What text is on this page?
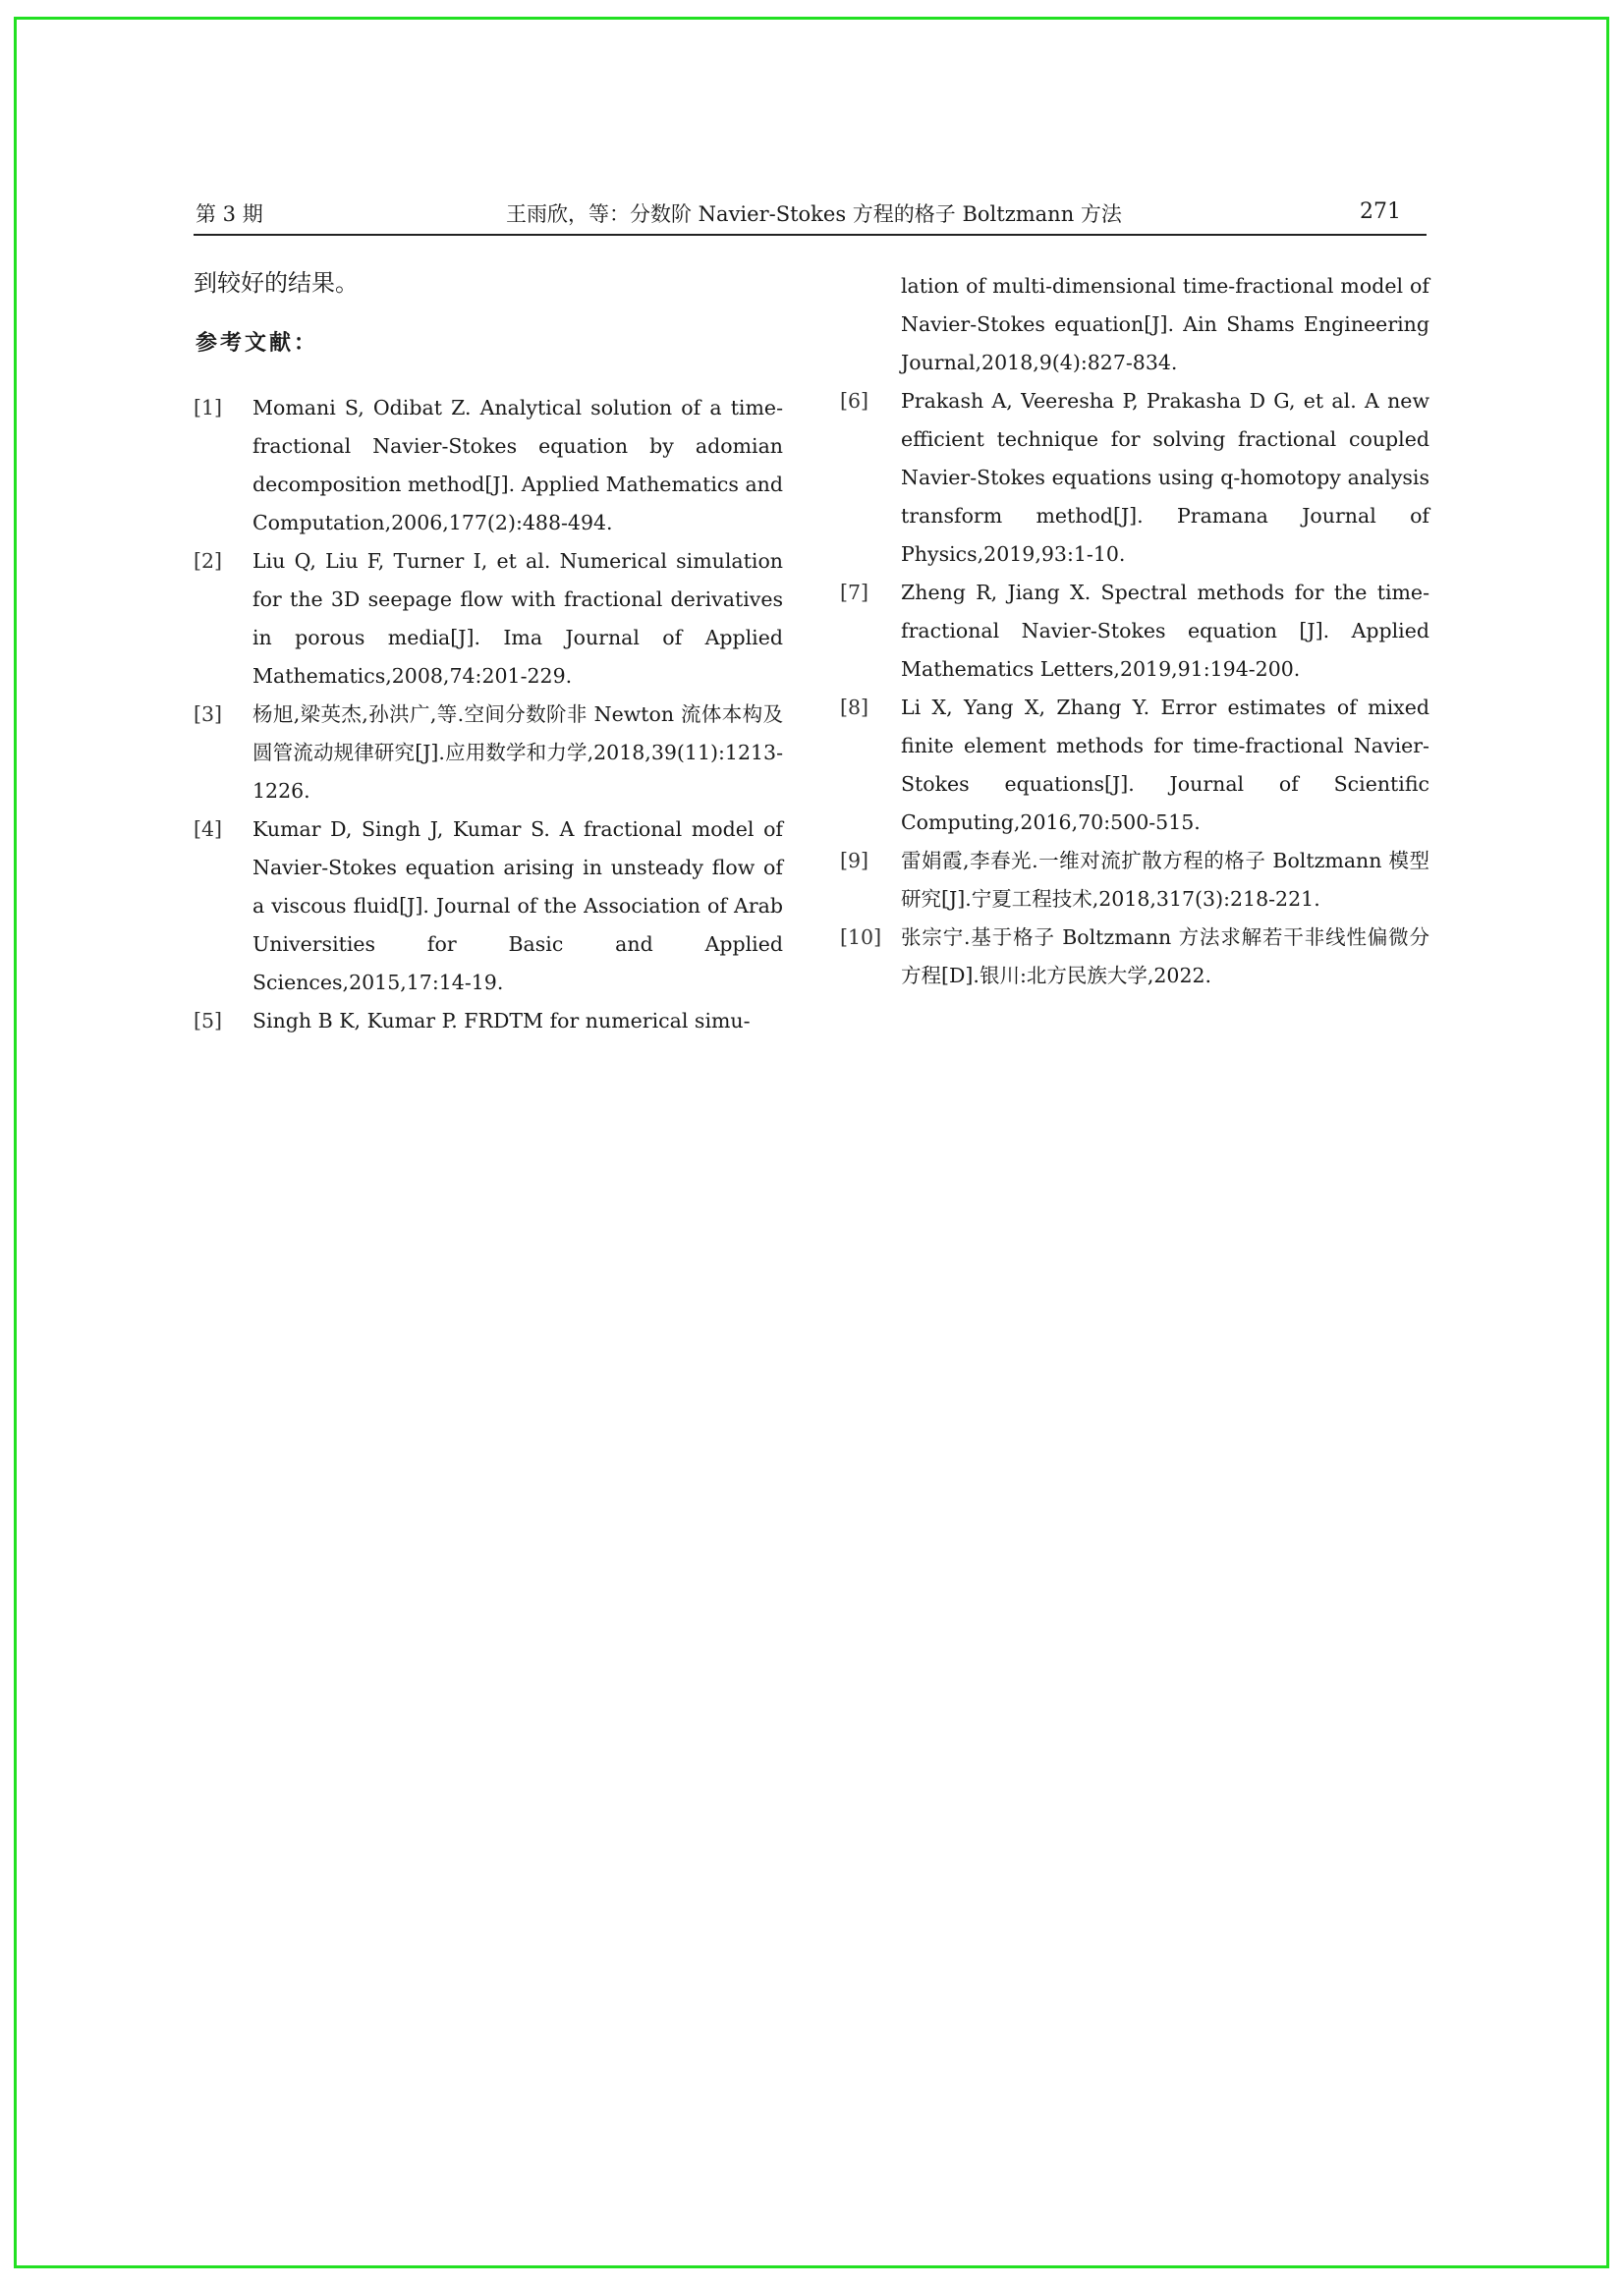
第 3 期	王雨欣，等：分数阶 Navier-Stokes 方程的格子 Boltzmann 方法	271

到较好的结果。

参考文献：
[1] Momani S, Odibat Z. Analytical solution of a time-fractional Navier-Stokes equation by adomian decomposition method[J]. Applied Mathematics and Computation,2006,177(2):488-494.
[2] Liu Q, Liu F, Turner I, et al. Numerical simulation for the 3D seepage flow with fractional derivatives in porous media[J]. Ima Journal of Applied Mathematics,2008,74:201-229.
[3] 杨旭,梁英杰,孙洪广,等.空间分数阶非 Newton 流体本构及圆管流动规律研究[J].应用数学和力学,2018,39(11):1213-1226.
[4] Kumar D, Singh J, Kumar S. A fractional model of Navier-Stokes equation arising in unsteady flow of a viscous fluid[J]. Journal of the Association of Arab Universities for Basic and Applied Sciences,2015,17:14-19.
[5] Singh B K, Kumar P. FRDTM for numerical simu-
lation of multi-dimensional time-fractional model of Navier-Stokes equation[J]. Ain Shams Engineering Journal,2018,9(4):827-834.
[6] Prakash A, Veeresha P, Prakasha D G, et al. A new efficient technique for solving fractional coupled Navier-Stokes equations using q-homotopy analysis transform method[J]. Pramana Journal of Physics,2019,93:1-10.
[7] Zheng R, Jiang X. Spectral methods for the time-fractional Navier-Stokes equation [J]. Applied Mathematics Letters,2019,91:194-200.
[8] Li X, Yang X, Zhang Y. Error estimates of mixed finite element methods for time-fractional Navier-Stokes equations[J]. Journal of Scientific Computing,2016,70:500-515.
[9] 雷娟霞,李春光.一维对流扩散方程的格子 Boltzmann 模型研究[J].宁夏工程技术,2018,317(3):218-221.
[10] 张宗宁.基于格子 Boltzmann 方法求解若干非线性偏微分方程[D].银川:北方民族大学,2022.
